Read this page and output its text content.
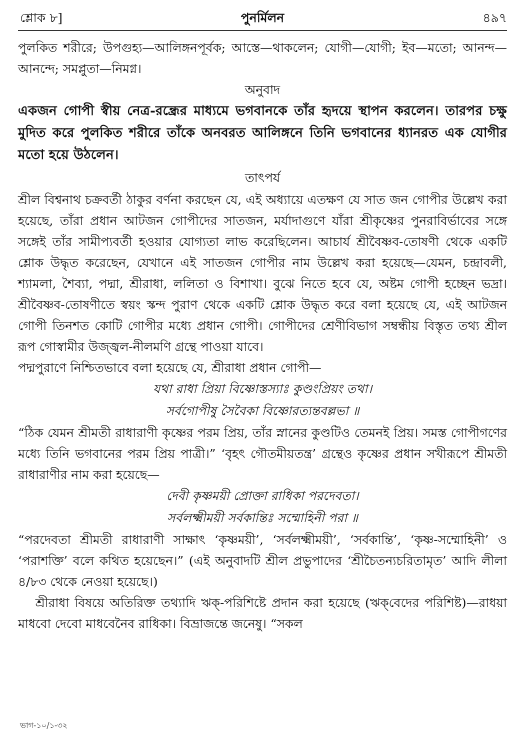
শ্লোক ৮]	পুনর্মিলন	৪৯৭

পুলকিত শরীরে; উপগুহ্য—আলিঙ্গনপূর্বক; আস্তে—থাকলেন; যোগী—যোগী; ইব—মতো; আনন্দ—আনন্দে; সমপ্লুতা—নিমগ্ন।

অনুবাদ

একজন গোপী স্বীয় নেত্র-রন্ধ্রের মাধ্যমে ভগবানকে তাঁর হৃদয়ে স্থাপন করলেন। তারপর চক্ষু মুদিত করে পুলকিত শরীরে তাঁকে অনবরত আলিঙ্গনে তিনি ভগবানের ধ্যানরত এক যোগীর মতো হয়ে উঠলেন।

তাৎপর্য

শ্রীল বিশ্বনাথ চক্রবর্তী ঠাকুর বর্ণনা করছেন যে, এই অধ্যায়ে এতক্ষণ যে সাত জন গোপীর উল্লেখ করা হয়েছে, তাঁরা প্রধান আটজন গোপীদের সাতজন, মর্যাদাগুণে যাঁরা শ্রীকৃষ্ণের পুনরাবির্ভাবের সঙ্গে সঙ্গেই তাঁর সামীপ্যবর্তী হওয়ার যোগ্যতা লাভ করেছিলেন। আচার্য শ্রীবৈষ্ণব-তোষণী থেকে একটি শ্লোক উদ্ধৃত করেছেন, যেখানে এই সাতজন গোপীর নাম উল্লেখ করা হয়েছে—যেমন, চন্দ্রাবলী, শ্যামলা, শৈব্যা, পদ্মা, শ্রীরাধা, ললিতা ও বিশাখা। বুঝে নিতে হবে যে, অষ্টম গোপী হচ্ছেন ভদ্রা। শ্রীবৈষ্ণব-তোষণীতে স্বয়ং স্কন্দ পুরাণ থেকে একটি শ্লোক উদ্ধৃত করে বলা হয়েছে যে, এই আটজন গোপী তিনশত কোটি গোপীর মধ্যে প্রধান গোপী। গোপীদের শ্রেণীবিভাগ সম্বন্ধীয় বিস্তৃত তথ্য শ্রীল রূপ গোস্বামীর উজ্জ্বল-নীলমণি গ্রন্থে পাওয়া যাবে।

পদ্মপুরাণে নিশ্চিতভাবে বলা হয়েছে যে, শ্রীরাধা প্রধান গোপী—

যথা রাধা প্রিয়া বিষ্ণোস্তস্যাঃ কুণ্ডংপ্রিয়ং তথা।
সর্বগোপীষু সৈবৈকা বিষ্ণোরত্যন্তবল্লভা ॥

“ঠিক যেমন শ্রীমতী রাধারাণী কৃষ্ণের পরম প্রিয়, তাঁর স্নানের কুণ্ডটিও তেমনই প্রিয়। সমস্ত গোপীগণের মধ্যে তিনি ভগবানের পরম প্রিয় পাত্রী।” ‘বৃহৎ গৌতমীয়তন্ত্র’ গ্রন্থেও কৃষ্ণের প্রধান সখীরূপে শ্রীমতী রাধারাণীর নাম করা হয়েছে—

দেবী কৃষ্ণময়ী প্রোক্তা রাধিকা পরদেবতা।
সর্বলক্ষ্মীময়ী সর্বকান্তিঃ সম্মোহিনী পরা ॥

“পরদেবতা শ্রীমতী রাধারাণী সাক্ষাৎ ‘কৃষ্ণময়ী’, ‘সর্বলক্ষ্মীময়ী’, ‘সর্বকান্তি’, ‘কৃষ্ণ-সম্মোহিনী’ ও ‘পরাশক্তি’ বলে কথিত হয়েছেন।” (এই অনুবাদটি শ্রীল প্রভুপাদের ‘শ্রীচৈতন্যচরিতামৃত’ আদি লীলা ৪/৮৩ থেকে নেওয়া হয়েছে।)

শ্রীরাধা বিষয়ে অতিরিক্ত তথ্যাদি ঋক্-পরিশিষ্টে প্রদান করা হয়েছে (ঋক্‌বেদের পরিশিষ্ট)—রাধয়া মাধবো দেবো মাধবেনৈব রাধিকা। বিভ্রাজন্তে জনেষু। “সকল

ভাগ-১০/১-৩২
